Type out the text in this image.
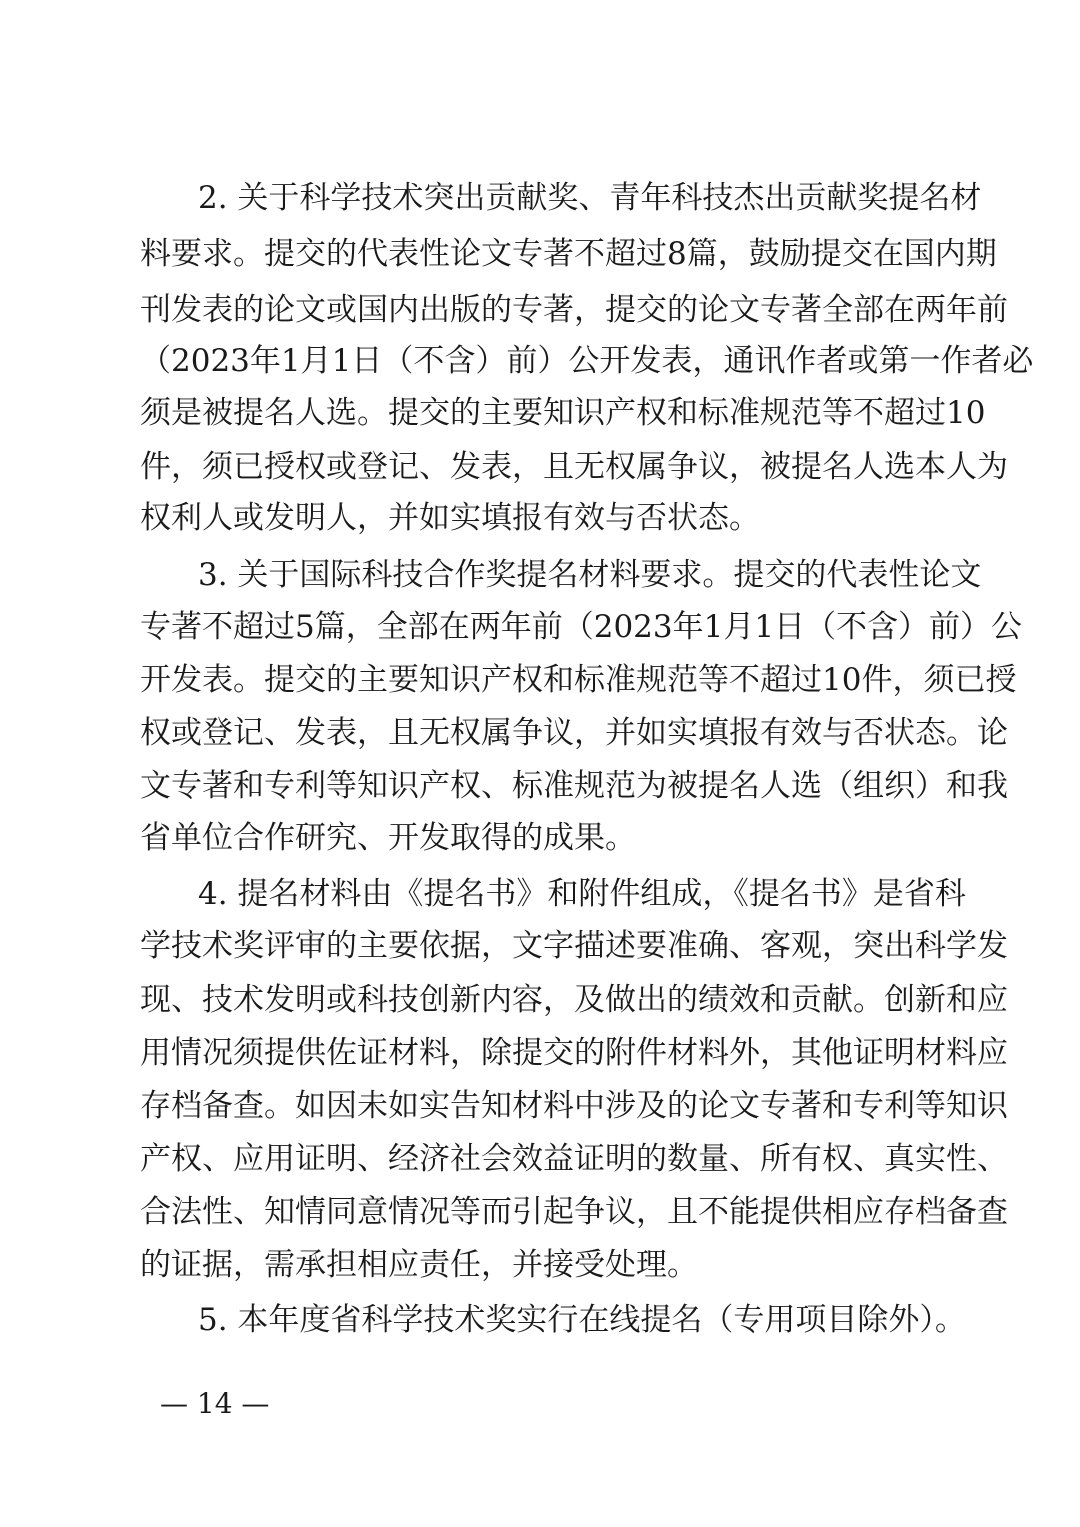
2. 关于科学技术突出贡献奖、青年科技杰出贡献奖提名材
料要求。提交的代表性论文专著不超过8篇，鼓励提交在国内期
刊发表的论文或国内出版的专著，提交的论文专著全部在两年前
（2023年1月1日（不含）前）公开发表，通讯作者或第一作者必
须是被提名人选。提交的主要知识产权和标准规范等不超过10
件，须已授权或登记、发表，且无权属争议，被提名人选本人为
权利人或发明人，并如实填报有效与否状态。
3. 关于国际科技合作奖提名材料要求。提交的代表性论文
专著不超过5篇，全部在两年前（2023年1月1日（不含）前）公
开发表。提交的主要知识产权和标准规范等不超过10件，须已授
权或登记、发表，且无权属争议，并如实填报有效与否状态。论
文专著和专利等知识产权、标准规范为被提名人选（组织）和我
省单位合作研究、开发取得的成果。
4. 提名材料由《提名书》和附件组成，《提名书》是省科
学技术奖评审的主要依据，文字描述要准确、客观，突出科学发
现、技术发明或科技创新内容，及做出的绩效和贡献。创新和应
用情况须提供佐证材料，除提交的附件材料外，其他证明材料应
存档备查。如因未如实告知材料中涉及的论文专著和专利等知识
产权、应用证明、经济社会效益证明的数量、所有权、真实性、
合法性、知情同意情况等而引起争议，且不能提供相应存档备查
的证据，需承担相应责任，并接受处理。
5. 本年度省科学技术奖实行在线提名（专用项目除外）。
— 14 —
